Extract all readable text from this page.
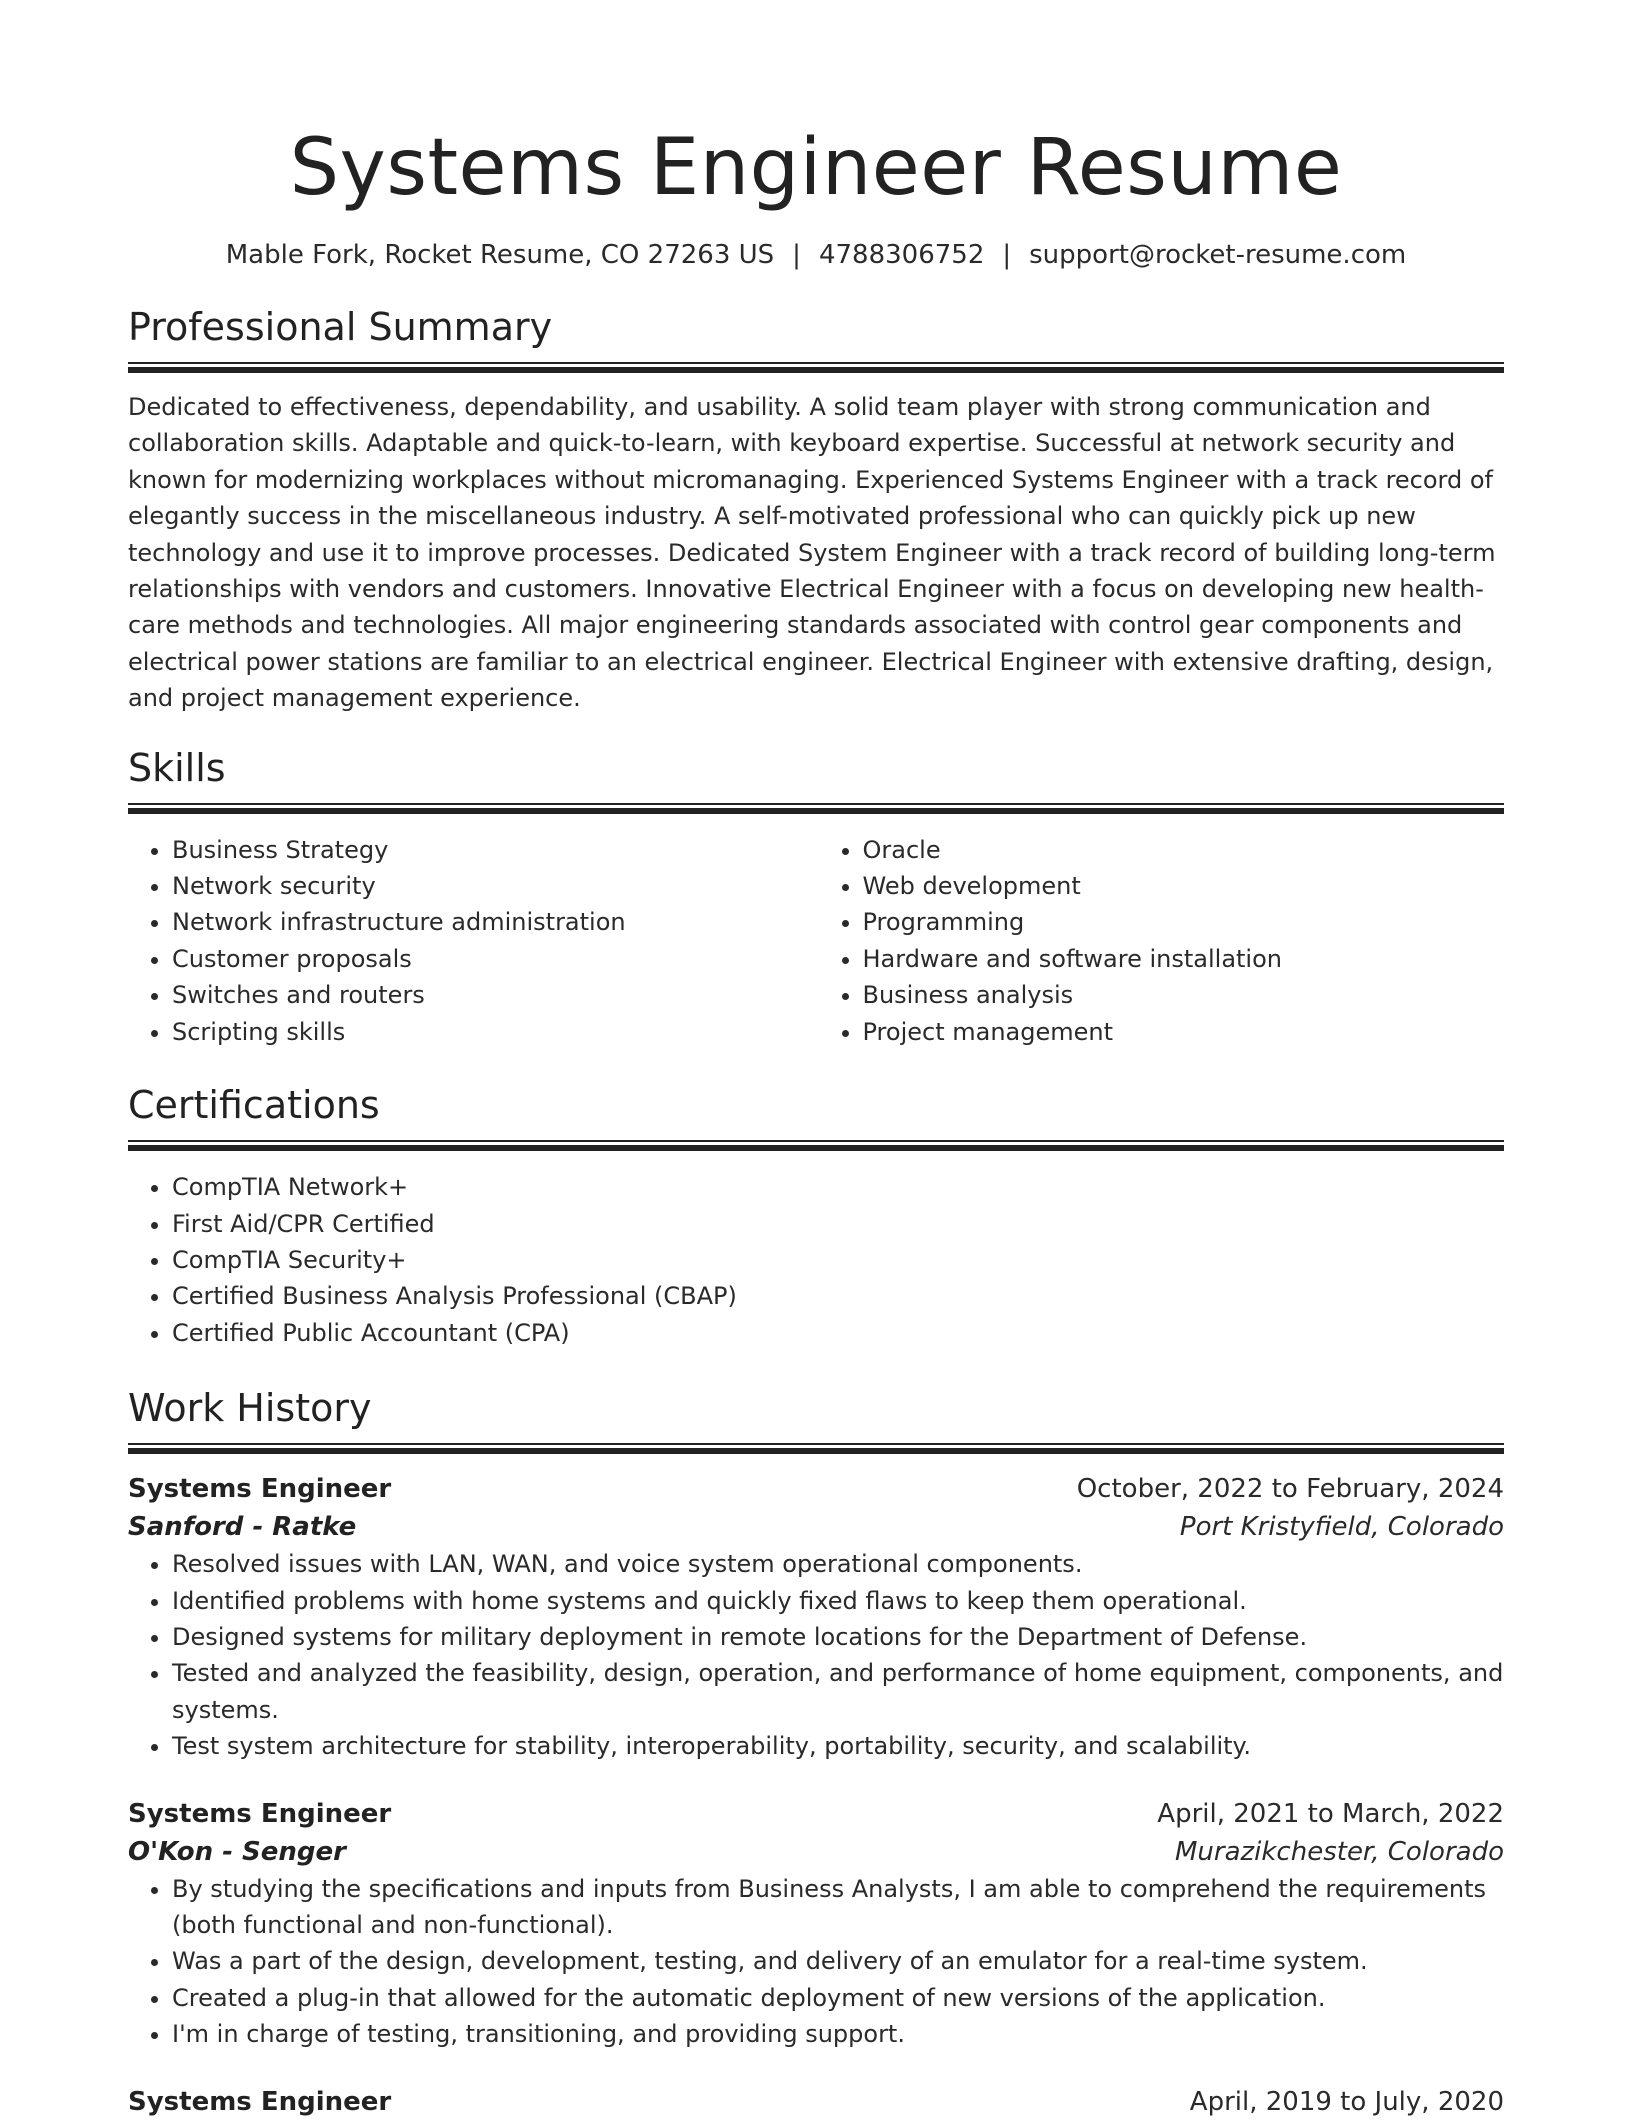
Systems Engineer Resume
Mable Fork, Rocket Resume, CO 27263 US | 4788306752 | support@rocket-resume.com
Professional Summary

Dedicated to effectiveness, dependability, and usability. A solid team player with strong communication and collaboration skills. Adaptable and quick-to-learn, with keyboard expertise. Successful at network security and known for modernizing workplaces without micromanaging. Experienced Systems Engineer with a track record of elegantly success in the miscellaneous industry. A self-motivated professional who can quickly pick up new technology and use it to improve processes. Dedicated System Engineer with a track record of building long-term relationships with vendors and customers. Innovative Electrical Engineer with a focus on developing new health-care methods and technologies. All major engineering standards associated with control gear components and electrical power stations are familiar to an electrical engineer. Electrical Engineer with extensive drafting, design, and project management experience.

Skills
• Business Strategy
• Network security
• Network infrastructure administration
• Customer proposals
• Switches and routers
• Scripting skills
• Oracle
• Web development
• Programming
• Hardware and software installation
• Business analysis
• Project management
Certifications
• CompTIA Network+
• First Aid/CPR Certified
• CompTIA Security+
• Certified Business Analysis Professional (CBAP)
• Certified Public Accountant (CPA)
Work History
Systems Engineer	October, 2022 to February, 2024
Sanford - Ratke	Port Kristyfield, Colorado
• Resolved issues with LAN, WAN, and voice system operational components.
• Identified problems with home systems and quickly fixed flaws to keep them operational.
• Designed systems for military deployment in remote locations for the Department of Defense.
• Tested and analyzed the feasibility, design, operation, and performance of home equipment, components, and systems.
• Test system architecture for stability, interoperability, portability, security, and scalability.
Systems Engineer	April, 2021 to March, 2022
O'Kon - Senger	Murazikchester, Colorado
• By studying the specifications and inputs from Business Analysts, I am able to comprehend the requirements (both functional and non-functional).
• Was a part of the design, development, testing, and delivery of an emulator for a real-time system.
• Created a plug-in that allowed for the automatic deployment of new versions of the application.
• I'm in charge of testing, transitioning, and providing support.
Systems Engineer	April, 2019 to July, 2020
